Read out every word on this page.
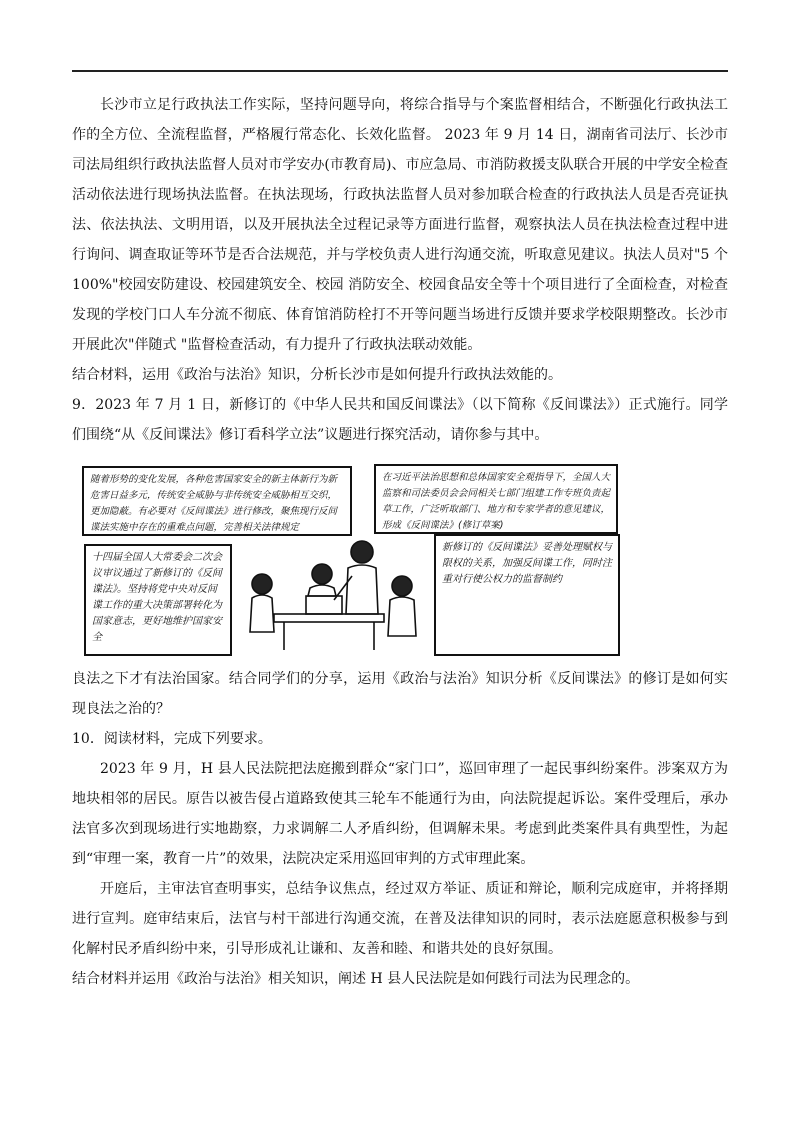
长沙市立足行政执法工作实际，坚持问题导向，将综合指导与个案监督相结合，不断强化行政执法工作的全方位、全流程监督，严格履行常态化、长效化监督。 2023 年 9 月 14 日，湖南省司法厅、长沙市司法局组织行政执法监督人员对市学安办(市教育局)、市应急局、市消防救援支队联合开展的中学安全检查活动依法进行现场执法监督。在执法现场，行政执法监督人员对参加联合检查的行政执法人员是否亮证执法、依法执法、文明用语，以及开展执法全过程记录等方面进行监督，观察执法人员在执法检查过程中进行询问、调查取证等环节是否合法规范，并与学校负责人进行沟通交流，听取意见建议。执法人员对"5 个 100%"校园安防建设、校园建筑安全、校园 消防安全、校园食品安全等十个项目进行了全面检查，对检查发现的学校门口人车分流不彻底、体育馆消防栓打不开等问题当场进行反馈并要求学校限期整改。长沙市开展此次"伴随式 "监督检查活动，有力提升了行政执法联动效能。

结合材料，运用《政治与法治》知识，分析长沙市是如何提升行政执法效能的。

9．2023 年 7 月 1 日，新修订的《中华人民共和国反间谍法》（以下简称《反间谍法》）正式施行。同学们围绕“从《反间谍法》修订看科学立法”议题进行探究活动，请你参与其中。

随着形势的变化发展，各种危害国家安全的新主体新行为新危害日益多元，传统安全威胁与非传统安全威胁相互交织，更加隐蔽。有必要对《反间谍法》进行修改，聚焦现行反间谍法实施中存在的重难点问题，完善相关法律规定
在习近平法治思想和总体国家安全观指导下，全国人大监察和司法委员会会同相关七部门组建工作专班负责起草工作，广泛听取部门、地方和专家学者的意见建议，形成《反间谍法》(修订草案)
十四届全国人大常委会二次会议审议通过了新修订的《反间谍法》。坚持将党中央对反间谍工作的重大决策部署转化为国家意志，更好地维护国家安全
新修订的《反间谍法》妥善处理赋权与限权的关系，加强反间谍工作，同时注重对行使公权力的监督制约

良法之下才有法治国家。结合同学们的分享，运用《政治与法治》知识分析《反间谍法》的修订是如何实现良法之治的？

10．阅读材料，完成下列要求。

2023 年 9 月，H 县人民法院把法庭搬到群众“家门口”，巡回审理了一起民事纠纷案件。涉案双方为地块相邻的居民。原告以被告侵占道路致使其三轮车不能通行为由，向法院提起诉讼。案件受理后，承办法官多次到现场进行实地勘察，力求调解二人矛盾纠纷，但调解未果。考虑到此类案件具有典型性，为起到“审理一案，教育一片”的效果，法院决定采用巡回审判的方式审理此案。

开庭后，主审法官查明事实，总结争议焦点，经过双方举证、质证和辩论，顺利完成庭审，并将择期进行宣判。庭审结束后，法官与村干部进行沟通交流，在普及法律知识的同时，表示法庭愿意积极参与到化解村民矛盾纠纷中来，引导形成礼让谦和、友善和睦、和谐共处的良好氛围。

结合材料并运用《政治与法治》相关知识，阐述 H 县人民法院是如何践行司法为民理念的。
